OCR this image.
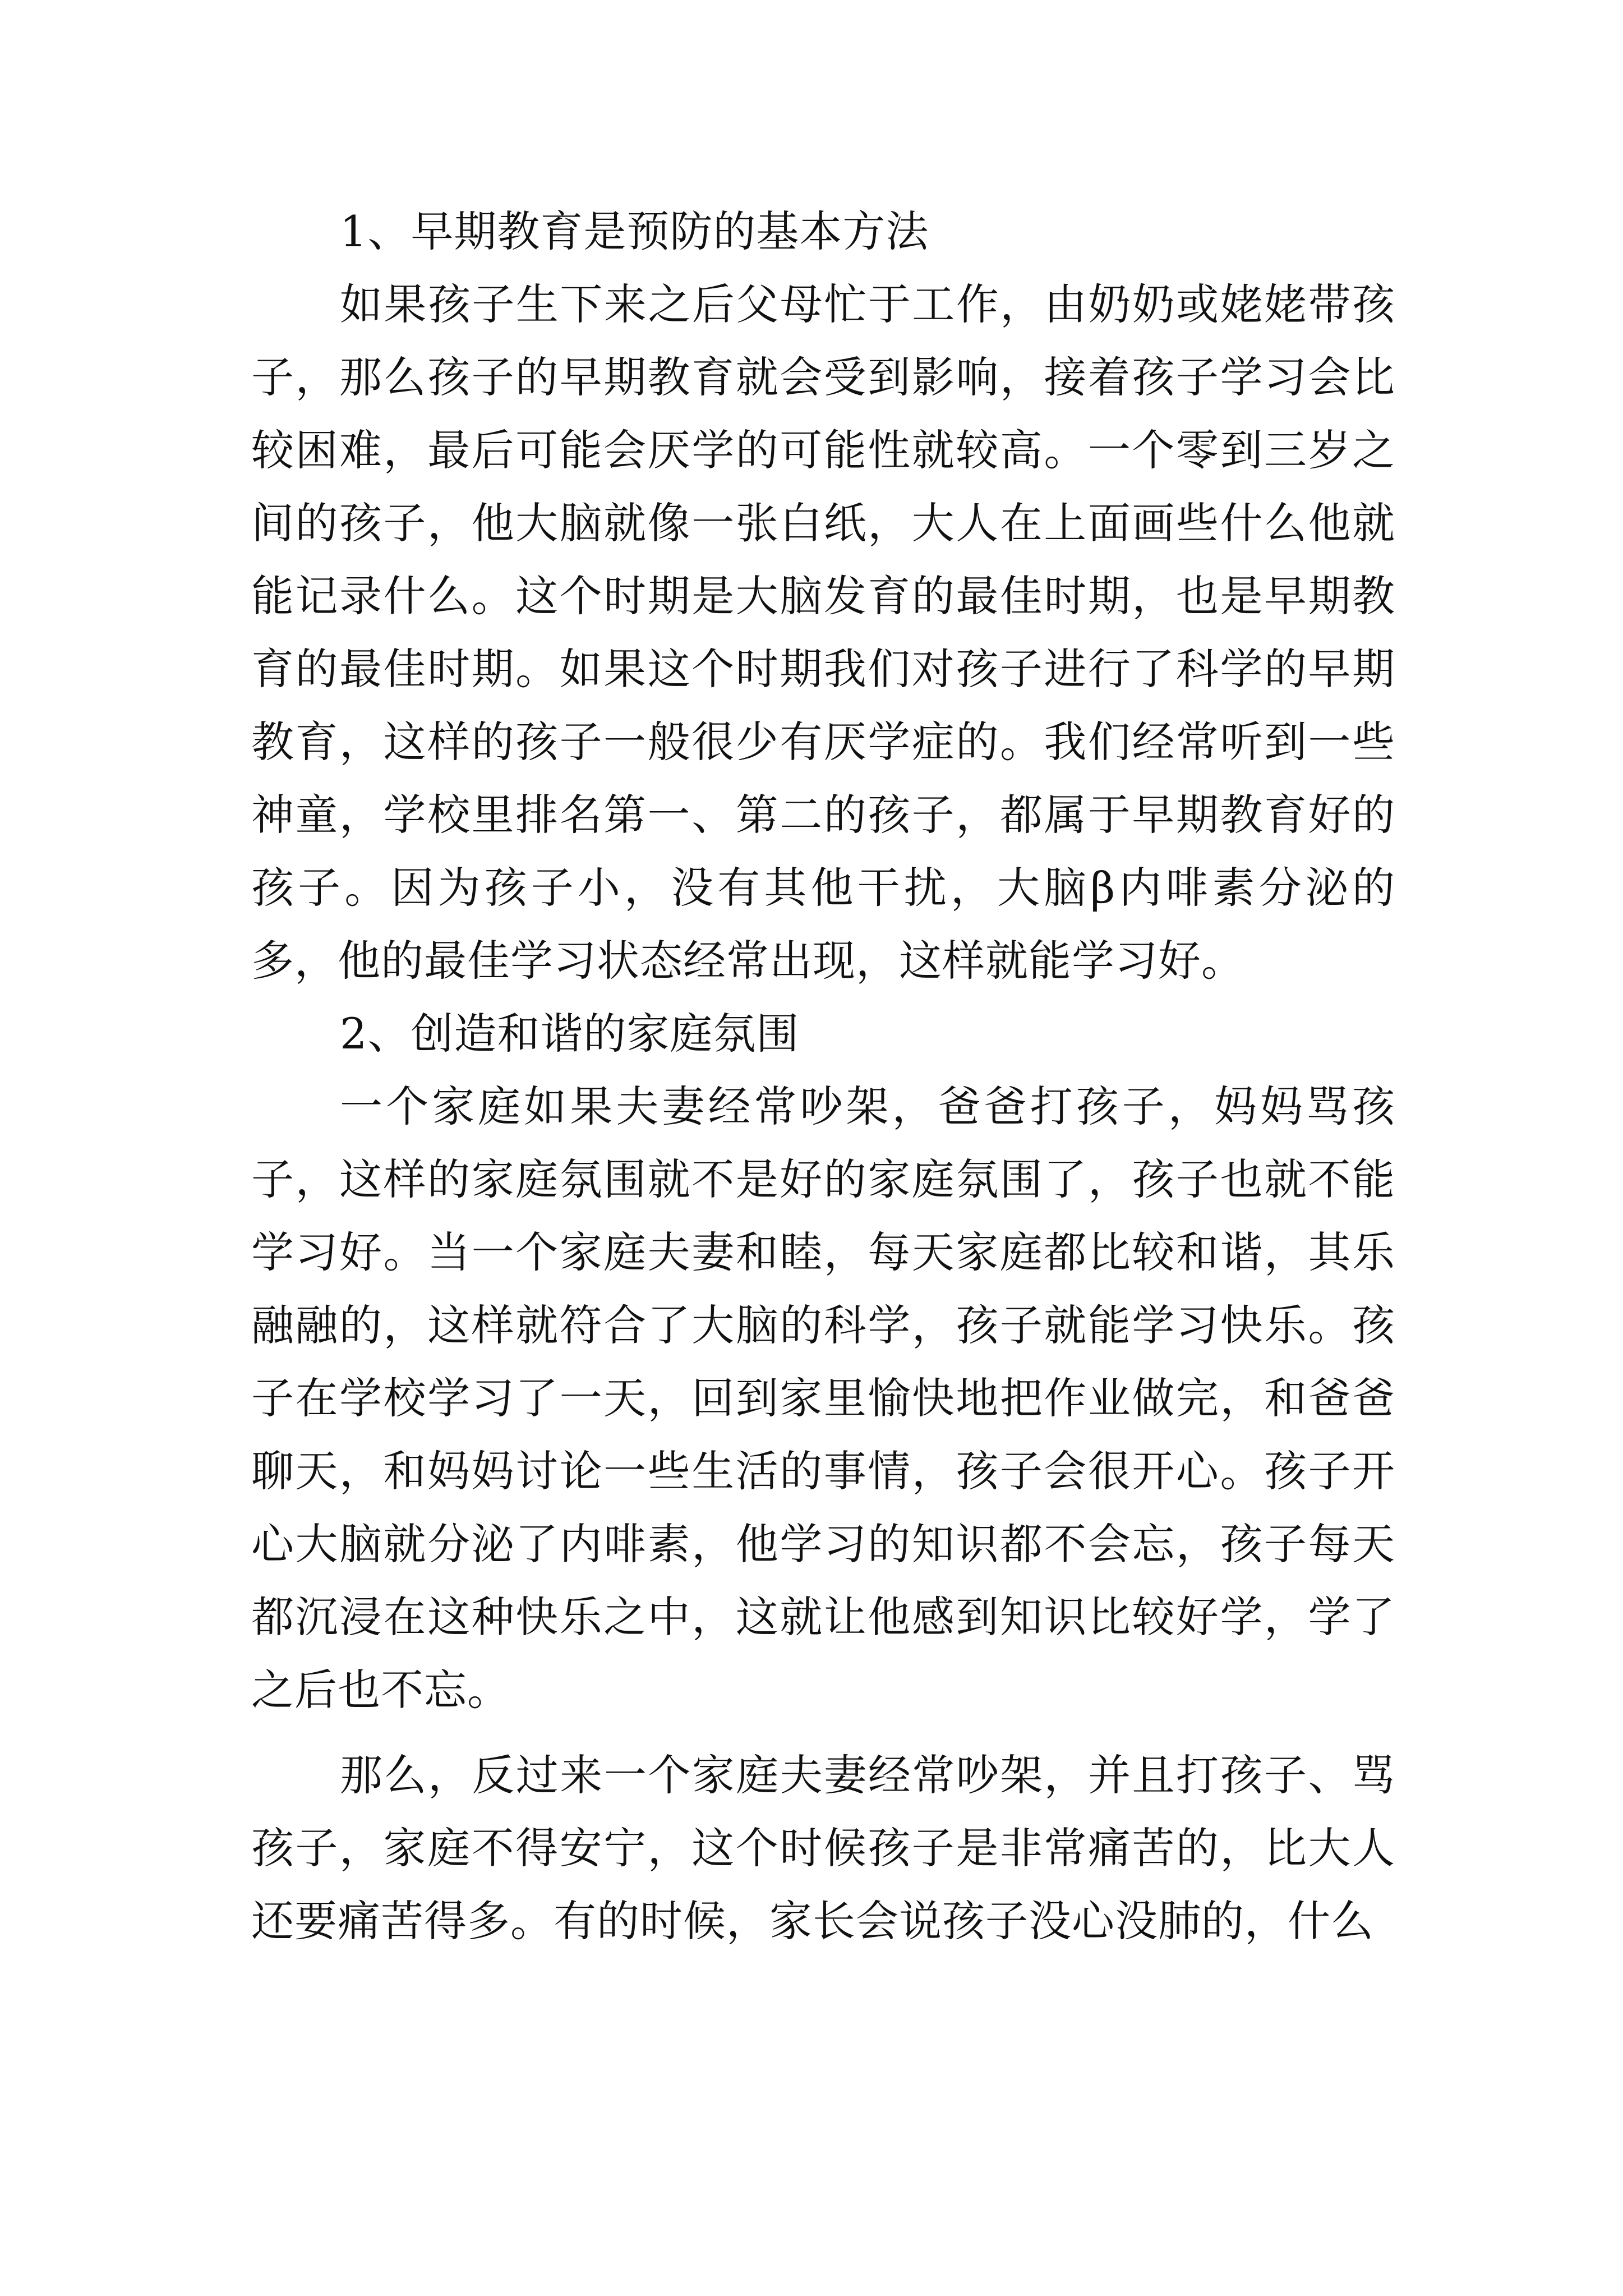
1、早期教育是预防的基本方法

如果孩子生下来之后父母忙于工作，由奶奶或姥姥带孩子，那么孩子的早期教育就会受到影响，接着孩子学习会比较困难，最后可能会厌学的可能性就较高。一个零到三岁之间的孩子，他大脑就像一张白纸，大人在上面画些什么他就能记录什么。这个时期是大脑发育的最佳时期，也是早期教育的最佳时期。如果这个时期我们对孩子进行了科学的早期教育，这样的孩子一般很少有厌学症的。我们经常听到一些神童，学校里排名第一、第二的孩子，都属于早期教育好的孩子。因为孩子小，没有其他干扰，大脑β内啡素分泌的多，他的最佳学习状态经常出现，这样就能学习好。

2、创造和谐的家庭氛围

一个家庭如果夫妻经常吵架，爸爸打孩子，妈妈骂孩子，这样的家庭氛围就不是好的家庭氛围了，孩子也就不能学习好。当一个家庭夫妻和睦，每天家庭都比较和谐，其乐融融的，这样就符合了大脑的科学，孩子就能学习快乐。孩子在学校学习了一天，回到家里愉快地把作业做完，和爸爸聊天，和妈妈讨论一些生活的事情，孩子会很开心。孩子开心大脑就分泌了内啡素，他学习的知识都不会忘，孩子每天都沉浸在这种快乐之中，这就让他感到知识比较好学，学了之后也不忘。

那么，反过来一个家庭夫妻经常吵架，并且打孩子、骂孩子，家庭不得安宁，这个时候孩子是非常痛苦的，比大人还要痛苦得多。有的时候，家长会说孩子没心没肺的，什么
